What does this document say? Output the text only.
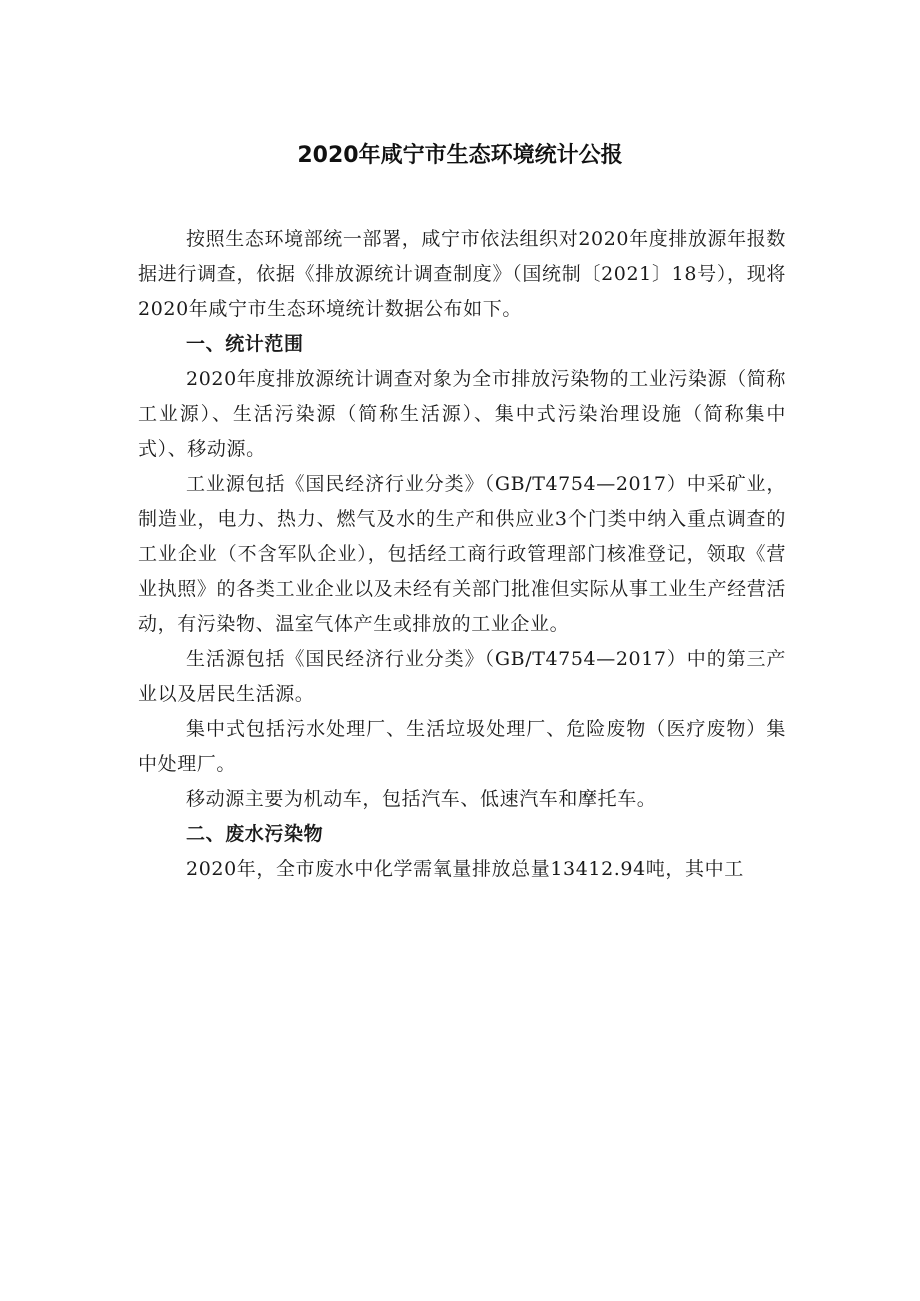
2020年咸宁市生态环境统计公报

按照生态环境部统一部署，咸宁市依法组织对2020年度排放源年报数据进行调查，依据《排放源统计调查制度》（国统制〔2021〕18号），现将2020年咸宁市生态环境统计数据公布如下。

一、统计范围

2020年度排放源统计调查对象为全市排放污染物的工业污染源（简称工业源）、生活污染源（简称生活源）、集中式污染治理设施（简称集中式）、移动源。

工业源包括《国民经济行业分类》（GB/T4754—2017）中采矿业，制造业，电力、热力、燃气及水的生产和供应业3个门类中纳入重点调查的工业企业（不含军队企业），包括经工商行政管理部门核准登记，领取《营业执照》的各类工业企业以及未经有关部门批准但实际从事工业生产经营活动，有污染物、温室气体产生或排放的工业企业。

生活源包括《国民经济行业分类》（GB/T4754—2017）中的第三产业以及居民生活源。

集中式包括污水处理厂、生活垃圾处理厂、危险废物（医疗废物）集中处理厂。

移动源主要为机动车，包括汽车、低速汽车和摩托车。

二、废水污染物

2020年，全市废水中化学需氧量排放总量13412.94吨，其中工
